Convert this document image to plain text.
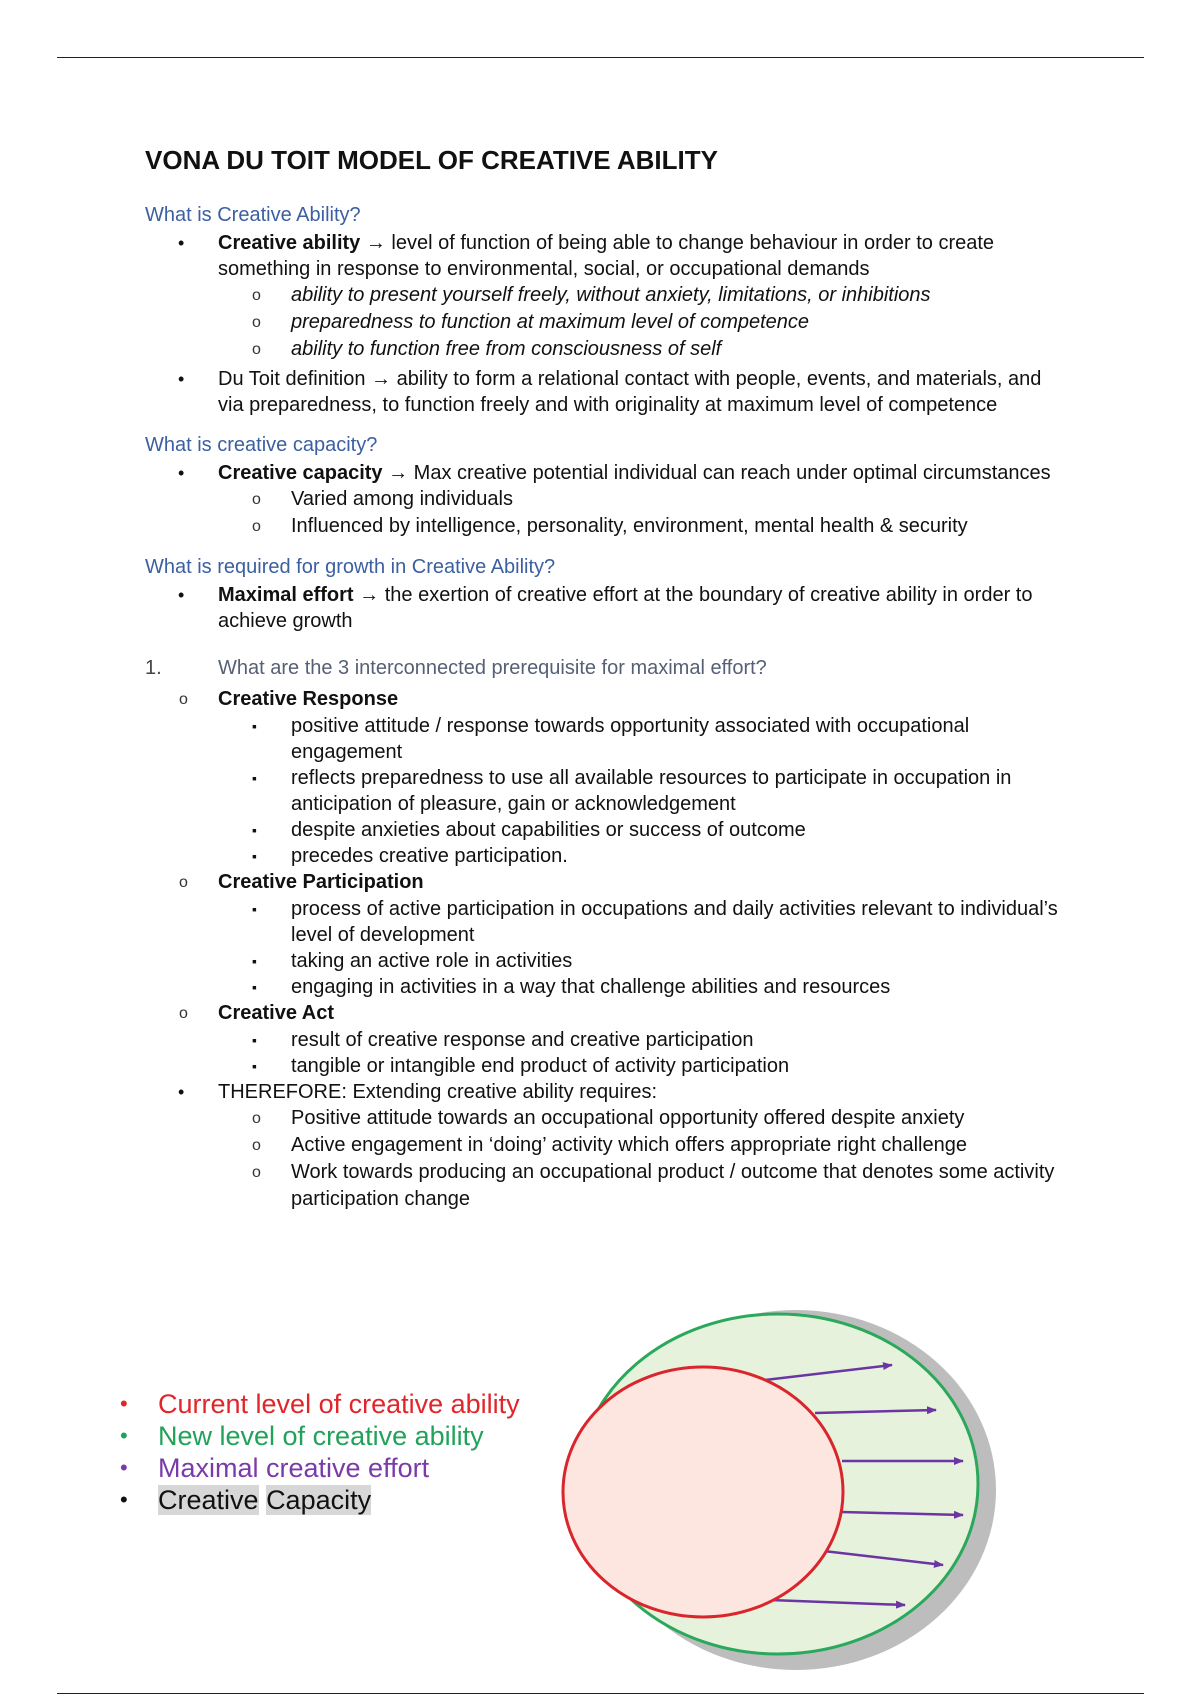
VONA DU TOIT MODEL OF CREATIVE ABILITY

What is Creative Ability?

• Creative ability → level of function of being able to change behaviour in order to create something in response to environmental, social, or occupational demands
o ability to present yourself freely, without anxiety, limitations, or inhibitions
o preparedness to function at maximum level of competence
o ability to function free from consciousness of self
• Du Toit definition → ability to form a relational contact with people, events, and materials, and via preparedness, to function freely and with originality at maximum level of competence

What is creative capacity?

• Creative capacity → Max creative potential individual can reach under optimal circumstances
o Varied among individuals
o Influenced by intelligence, personality, environment, mental health & security

What is required for growth in Creative Ability?

• Maximal effort → the exertion of creative effort at the boundary of creative ability in order to achieve growth
1.	What are the 3 interconnected prerequisite for maximal effort?
o Creative Response
▪ positive attitude / response towards opportunity associated with occupational engagement
▪ reflects preparedness to use all available resources to participate in occupation in anticipation of pleasure, gain or acknowledgement
▪ despite anxieties about capabilities or success of outcome
▪ precedes creative participation.
o Creative Participation
▪ process of active participation in occupations and daily activities relevant to individual’s level of development
▪ taking an active role in activities
▪ engaging in activities in a way that challenge abilities and resources
o Creative Act
▪ result of creative response and creative participation
▪ tangible or intangible end product of activity participation
• THEREFORE: Extending creative ability requires:
o Positive attitude towards an occupational opportunity offered despite anxiety
o Active engagement in ‘doing’ activity which offers appropriate right challenge
o Work towards producing an occupational product / outcome that denotes some activity participation change
• Current level of creative ability
• New level of creative ability
• Maximal creative effort
• Creative Capacity
